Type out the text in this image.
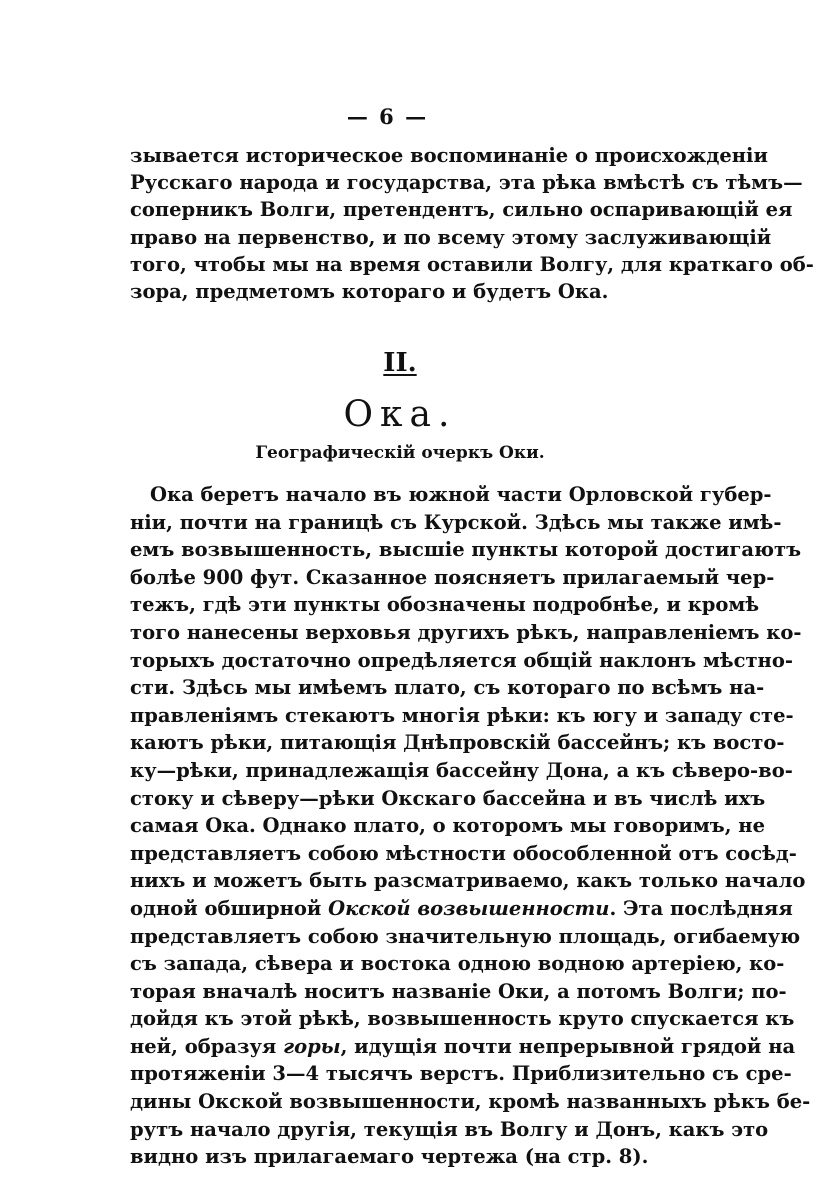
— 6 —
зывается историческое воспоминаніе о происхожденіи
Русскаго народа и государства, эта рѣка вмѣстѣ съ тѣмъ—
соперникъ Волги, претендентъ, сильно оспаривающій ея
право на первенство, и по всему этому заслуживающій
того, чтобы мы на время оставили Волгу, для краткаго об-
зора, предметомъ котораго и будетъ Ока.
II.
Ока.
Географическій очеркъ Оки.
Ока беретъ начало въ южной части Орловской губер-
ніи, почти на границѣ съ Курской. Здѣсь мы также имѣ-
емъ возвышенность, высшіе пункты которой достигаютъ
болѣе 900 фут. Сказанное поясняетъ прилагаемый чер-
тежъ, гдѣ эти пункты обозначены подробнѣе, и кромѣ
того нанесены верховья другихъ рѣкъ, направленіемъ ко-
торыхъ достаточно опредѣляется общій наклонъ мѣстно-
сти. Здѣсь мы имѣемъ плато, съ котораго по всѣмъ на-
правленіямъ стекаютъ многія рѣки: къ югу и западу сте-
каютъ рѣки, питающія Днѣпровскій бассейнъ; къ восто-
ку—рѣки, принадлежащія бассейну Дона, а къ сѣверо-во-
стоку и сѣверу—рѣки Окскаго бассейна и въ числѣ ихъ
самая Ока. Однако плато, о которомъ мы говоримъ, не
представляетъ собою мѣстности обособленной отъ сосѣд-
нихъ и можетъ быть разсматриваемо, какъ только начало
одной обширной Окской возвышенности. Эта послѣдняя
представляетъ собою значительную площадь, огибаемую
съ запада, сѣвера и востока одною водною артеріею, ко-
торая вначалѣ носитъ названіе Оки, а потомъ Волги; по-
дойдя къ этой рѣкѣ, возвышенность круто спускается къ
ней, образуя горы, идущія почти непрерывной грядой на
протяженіи 3—4 тысячъ верстъ. Приблизительно съ сре-
дины Окской возвышенности, кромѣ названныхъ рѣкъ бе-
рутъ начало другія, текущія въ Волгу и Донъ, какъ это
видно изъ прилагаемаго чертежа (на стр. 8).
